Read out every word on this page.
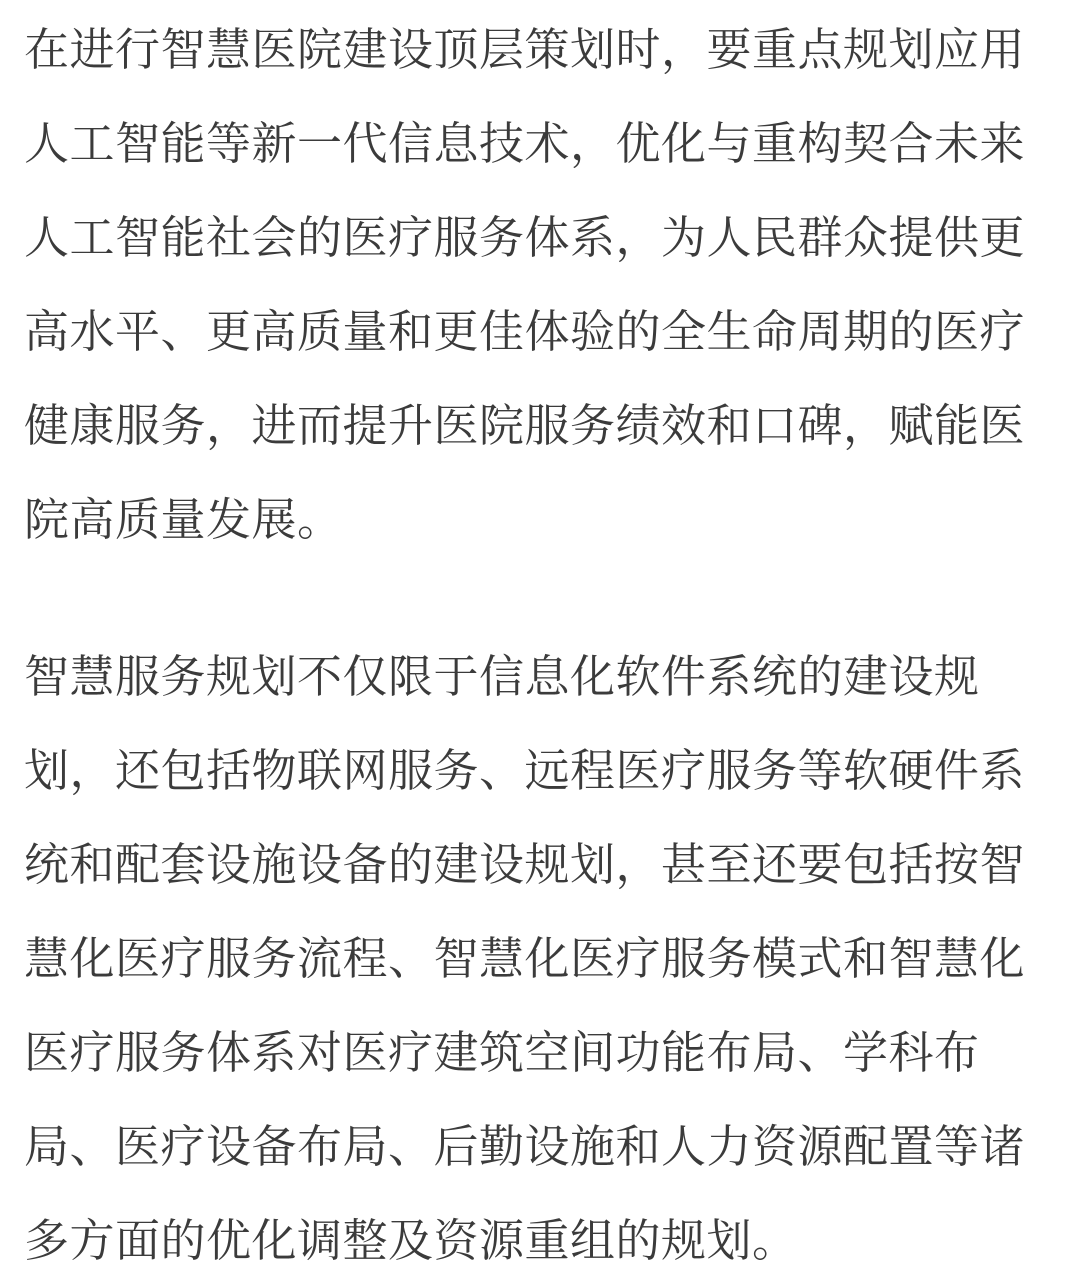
在进行智慧医院建设顶层策划时，要重点规划应用
人工智能等新一代信息技术，优化与重构契合未来
人工智能社会的医疗服务体系，为人民群众提供更
高水平、更高质量和更佳体验的全生命周期的医疗
健康服务，进而提升医院服务绩效和口碑，赋能医
院高质量发展。
智慧服务规划不仅限于信息化软件系统的建设规
划，还包括物联网服务、远程医疗服务等软硬件系
统和配套设施设备的建设规划，甚至还要包括按智
慧化医疗服务流程、智慧化医疗服务模式和智慧化
医疗服务体系对医疗建筑空间功能布局、学科布
局、医疗设备布局、后勤设施和人力资源配置等诸
多方面的优化调整及资源重组的规划。
